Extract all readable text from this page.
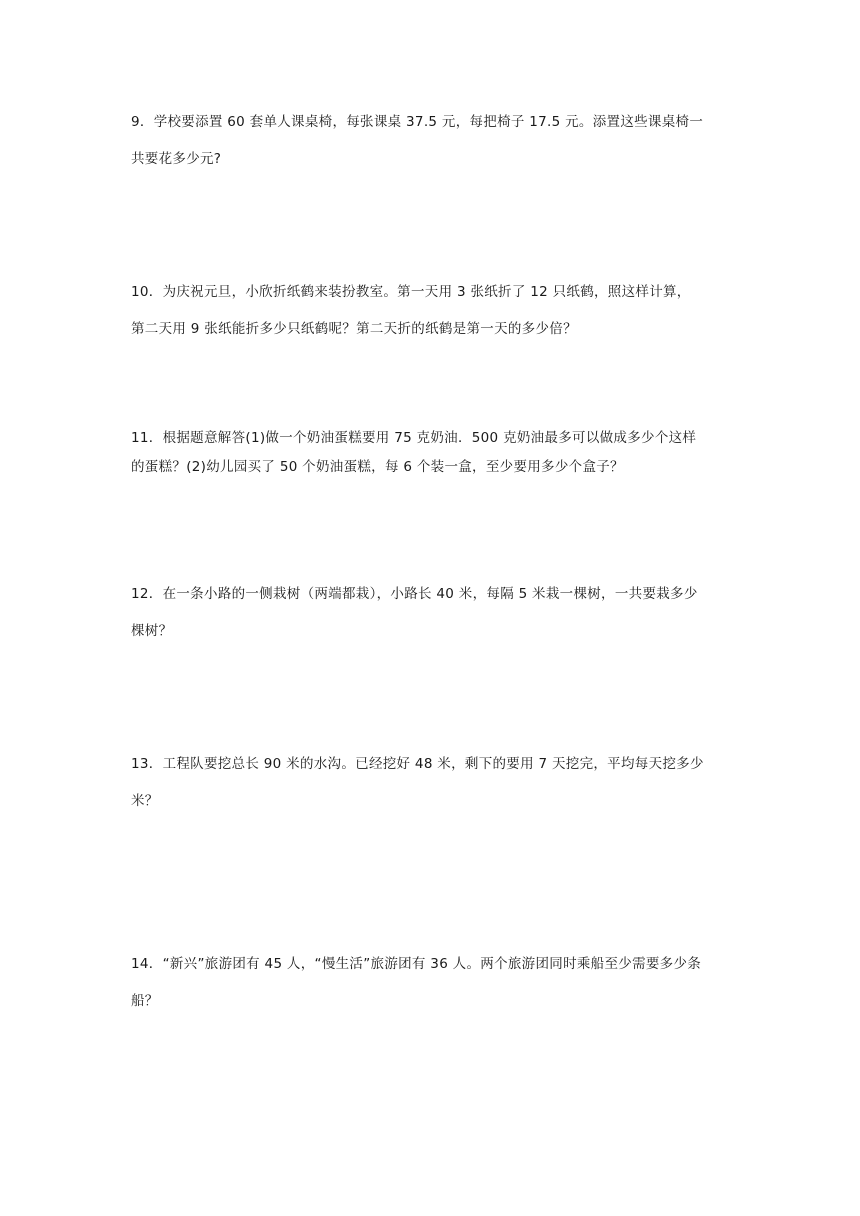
9．学校要添置 60 套单人课桌椅，每张课桌 37.5 元，每把椅子 17.5 元。添置这些课桌椅一
共要花多少元?
10．为庆祝元旦，小欣折纸鹤来装扮教室。第一天用 3 张纸折了 12 只纸鹤，照这样计算，
第二天用 9 张纸能折多少只纸鹤呢？第二天折的纸鹤是第一天的多少倍？
11．根据题意解答(1)做一个奶油蛋糕要用 75 克奶油．500 克奶油最多可以做成多少个这样
的蛋糕？(2)幼儿园买了 50 个奶油蛋糕，每 6 个装一盒，至少要用多少个盒子？
12．在一条小路的一侧栽树（两端都栽），小路长 40 米，每隔 5 米栽一棵树，一共要栽多少
棵树？
13．工程队要挖总长 90 米的水沟。已经挖好 48 米，剩下的要用 7 天挖完，平均每天挖多少
米？
14．“新兴”旅游团有 45 人，“慢生活”旅游团有 36 人。两个旅游团同时乘船至少需要多少条
船？
